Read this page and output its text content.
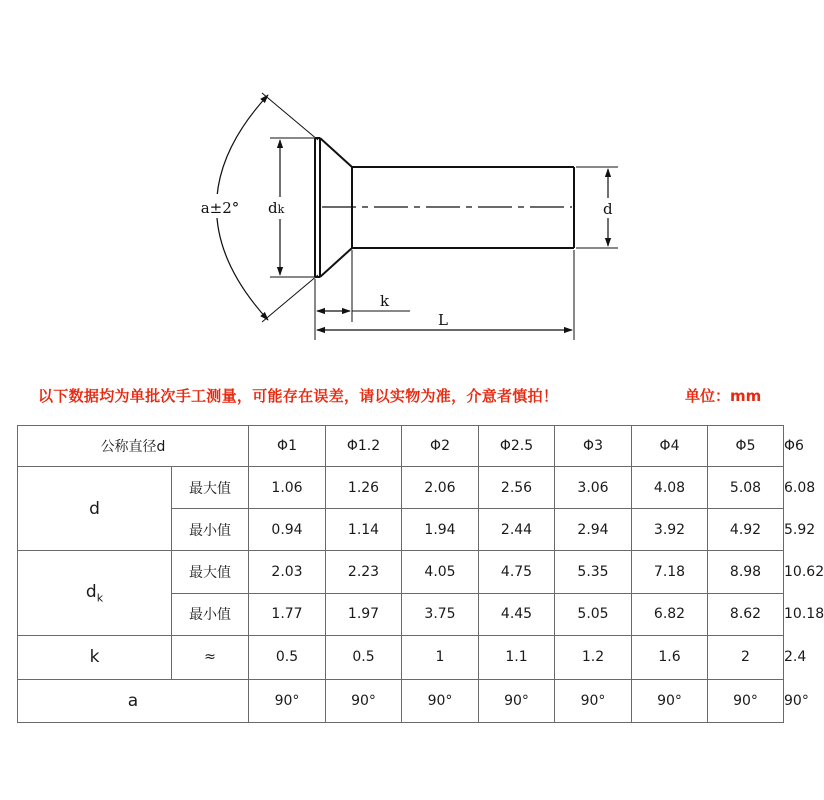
a±2° dk	d
k
L
以下数据均为单批次手工测量，可能存在误差，请以实物为准，介意者慎拍！	单位：mm
公称直径d		Φ1	Φ1.2	Φ2	Φ2.5	Φ3	Φ4	Φ5	Φ6
d	最大值	1.06	1.26	2.06	2.56	3.06	4.08	5.08	6.08
	最小值	0.94	1.14	1.94	2.44	2.94	3.92	4.92	5.92
$d_k$	最大值	2.03	2.23	4.05	4.75	5.35	7.18	8.98	10.62
	最小值	1.77	1.97	3.75	4.45	5.05	6.82	8.62	10.18
k	≈	0.5	0.5	1	1.1	1.2	1.6	2	2.4
a		90°	90°	90°	90°	90°	90°	90°	90°
